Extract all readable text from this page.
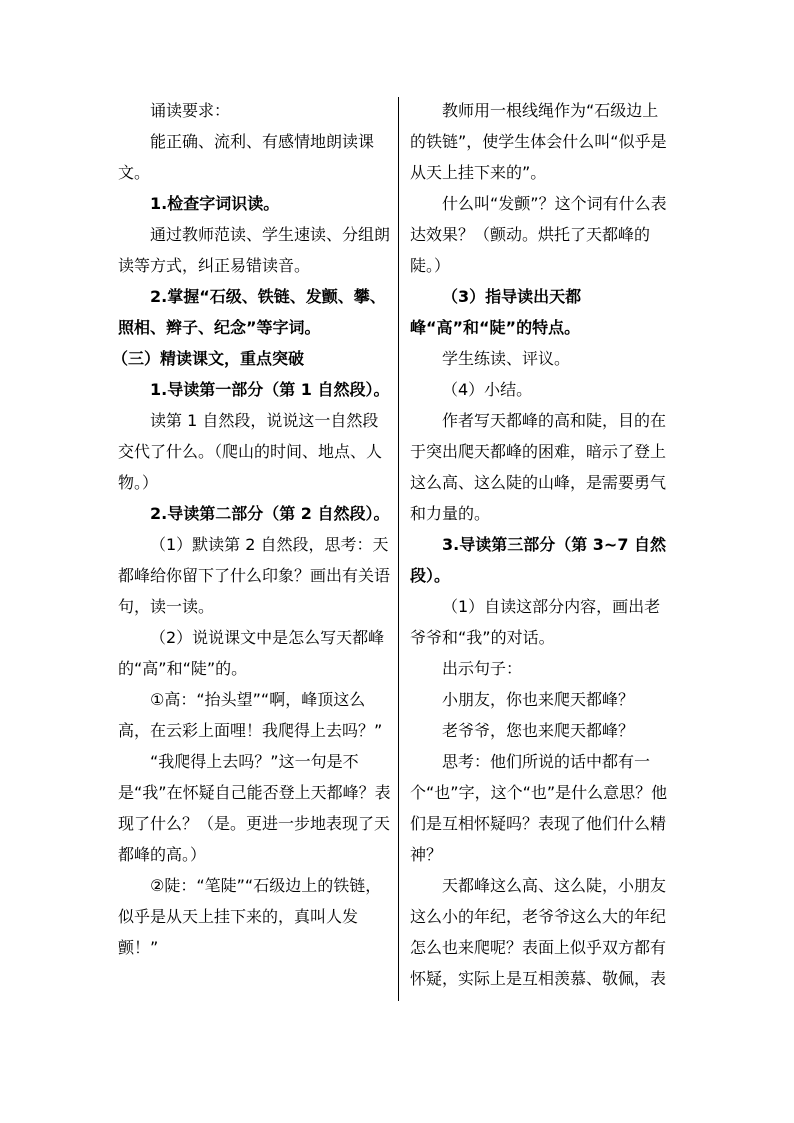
诵读要求：

能正确、流利、有感情地朗读课文。

1.检查字词识读。

通过教师范读、学生速读、分组朗读等方式，纠正易错读音。

2.掌握“石级、铁链、发颤、攀、照相、辫子、纪念”等字词。

（三）精读课文，重点突破

1.导读第一部分（第 1 自然段）。

读第 1 自然段，说说这一自然段交代了什么。（爬山的时间、地点、人物。）

2.导读第二部分（第 2 自然段）。

（1）默读第 2 自然段，思考：天都峰给你留下了什么印象？画出有关语句，读一读。

（2）说说课文中是怎么写天都峰的“高”和“陡”的。

①高：“抬头望”“啊，峰顶这么高，在云彩上面哩！我爬得上去吗？”

“我爬得上去吗？”这一句是不是“我”在怀疑自己能否登上天都峰？表现了什么？（是。更进一步地表现了天都峰的高。）

②陡：“笔陡”“石级边上的铁链，似乎是从天上挂下来的，真叫人发颤！”

教师用一根线绳作为“石级边上的铁链”，使学生体会什么叫“似乎是从天上挂下来的”。

什么叫“发颤”？这个词有什么表达效果？（颤动。烘托了天都峰的陡。）

（3）指导读出天都峰“高”和“陡”的特点。

学生练读、评议。

（4）小结。

作者写天都峰的高和陡，目的在于突出爬天都峰的困难，暗示了登上这么高、这么陡的山峰，是需要勇气和力量的。

3.导读第三部分（第 3~7 自然段）。

（1）自读这部分内容，画出老爷爷和“我”的对话。

出示句子：

小朋友，你也来爬天都峰？

老爷爷，您也来爬天都峰？

思考：他们所说的话中都有一个“也”字，这个“也”是什么意思？他们是互相怀疑吗？表现了他们什么精神？

天都峰这么高、这么陡，小朋友这么小的年纪，老爷爷这么大的年纪怎么也来爬呢？表面上似乎双方都有怀疑，实际上是互相羡慕、敬佩，表
